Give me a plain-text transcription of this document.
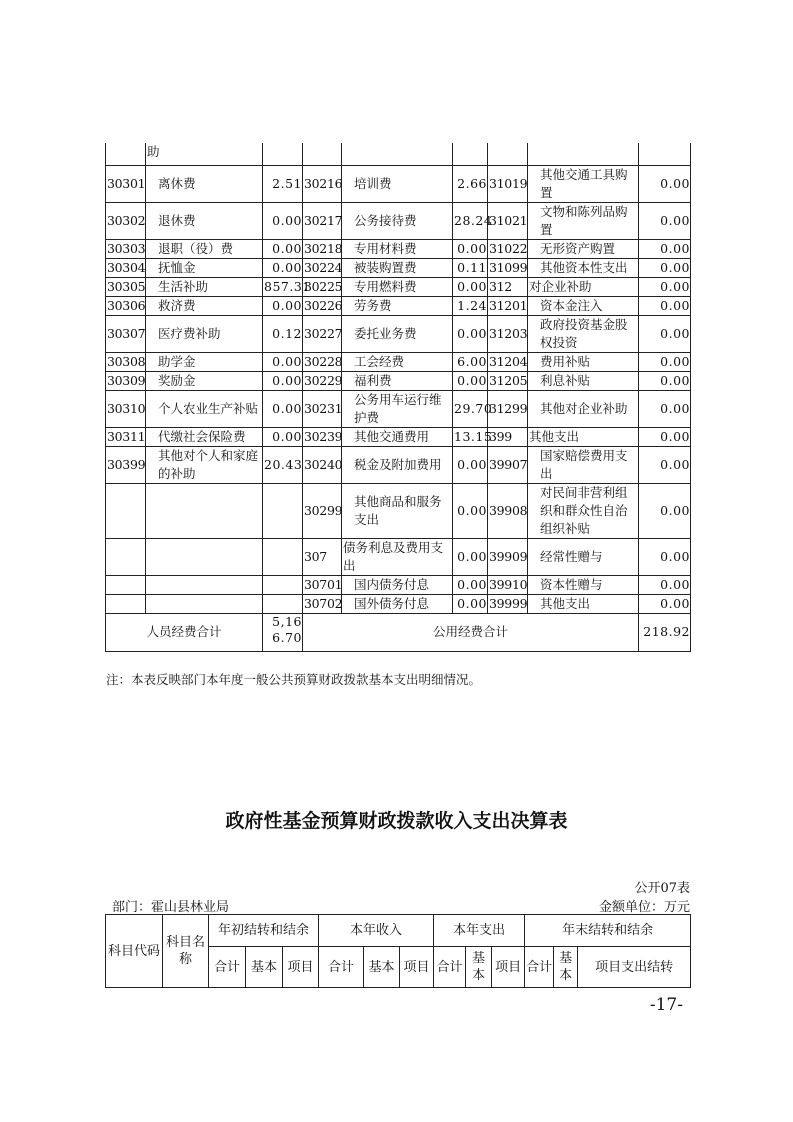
	助							
30301	离休费	2.51	30216	培训费	2.66	31019	其他交通工具购置	0.00
30302	退休费	0.00	30217	公务接待费	28.24	31021	文物和陈列品购置	0.00
30303	退职（役）费	0.00	30218	专用材料费	0.00	31022	无形资产购置	0.00
30304	抚恤金	0.00	30224	被装购置费	0.11	31099	其他资本性支出	0.00
30305	生活补助	857.31	30225	专用燃料费	0.00	312	对企业补助	0.00
30306	救济费	0.00	30226	劳务费	1.24	31201	资本金注入	0.00
30307	医疗费补助	0.12	30227	委托业务费	0.00	31203	政府投资基金股权投资	0.00
30308	助学金	0.00	30228	工会经费	6.00	31204	费用补贴	0.00
30309	奖励金	0.00	30229	福利费	0.00	31205	利息补贴	0.00
30310	个人农业生产补贴	0.00	30231	公务用车运行维护费	29.70	31299	其他对企业补助	0.00
30311	代缴社会保险费	0.00	30239	其他交通费用	13.15	399	其他支出	0.00
30399	其他对个人和家庭的补助	20.43	30240	税金及附加费用	0.00	39907	国家赔偿费用支出	0.00
			30299	其他商品和服务支出	0.00	39908	对民间非营利组织和群众性自治组织补贴	0.00
			307	债务利息及费用支出	0.00	39909	经常性赠与	0.00
			30701	国内债务付息	0.00	39910	资本性赠与	0.00
			30702	国外债务付息	0.00	39999	其他支出	0.00
人员经费合计		5,166.70	公用经费合计					218.92
注：本表反映部门本年度一般公共预算财政拨款基本支出明细情况。
政府性基金预算财政拨款收入支出决算表
公开07表
部门：霍山县林业局	金额单位：万元
科目代码	科目名称	年初结转和结余			本年收入			本年支出			年末结转和结余		
		合计	基本	项目	合计	基本	项目	合计	基本	项目	合计	基本	项目支出结转
-17-
